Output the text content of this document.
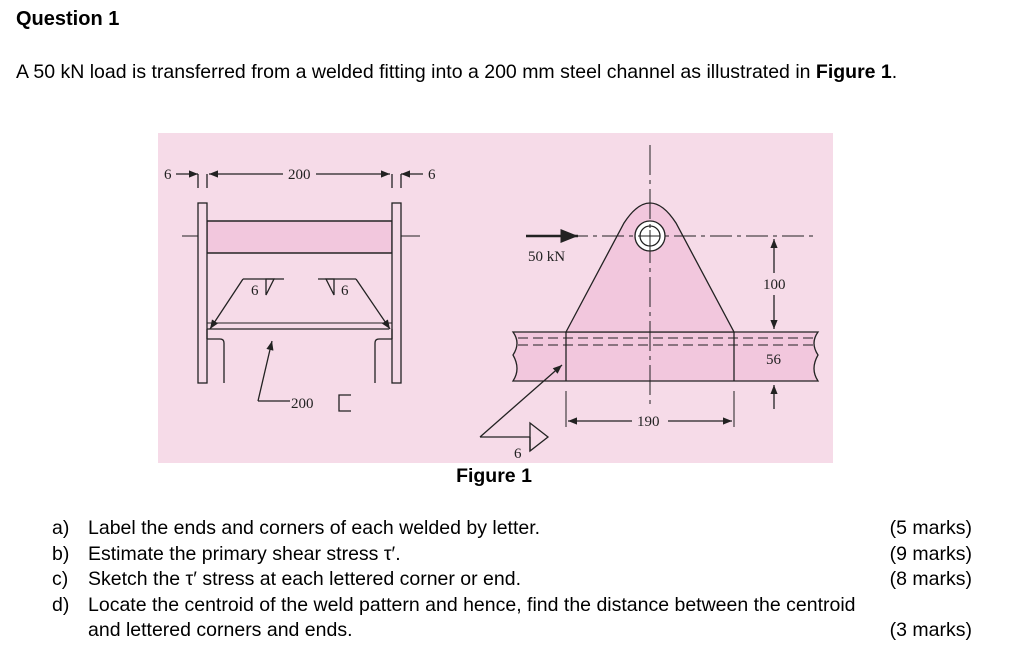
Question 1
A 50 kN load is transferred from a welded fitting into a 200 mm steel channel as illustrated in Figure 1.
6	200	6
6	6
200
50 kN
100
56
190
6
Figure 1
a) Label the ends and corners of each welded by letter.	(5 marks)
b) Estimate the primary shear stress τ′.	(9 marks)
c) Sketch the τ′ stress at each lettered corner or end.	(8 marks)
d) Locate the centroid of the weld pattern and hence, find the distance between the centroid
and lettered corners and ends.	(3 marks)
